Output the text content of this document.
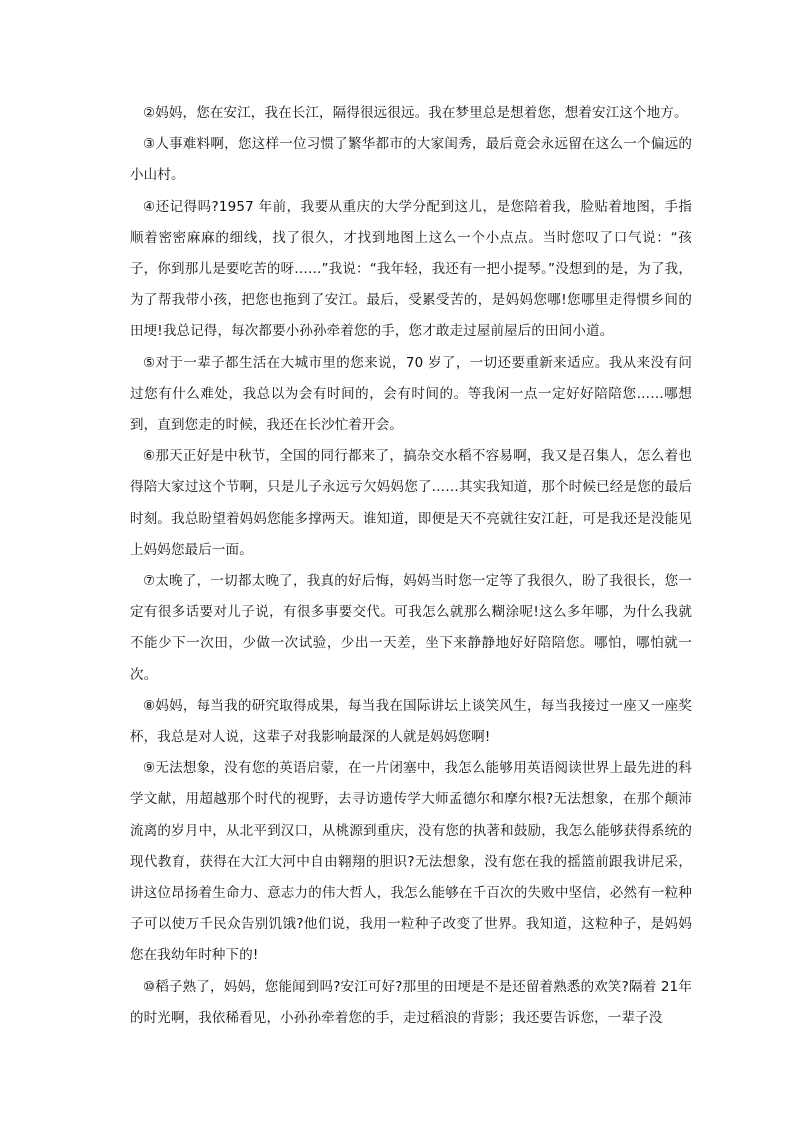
②妈妈，您在安江，我在长江，隔得很远很远。我在梦里总是想着您，想着安江这个地方。

③人事难料啊，您这样一位习惯了繁华都市的大家闺秀，最后竟会永远留在这么一个偏远的小山村。

④还记得吗?1957 年前，我要从重庆的大学分配到这儿，是您陪着我，脸贴着地图，手指顺着密密麻麻的细线，找了很久，才找到地图上这么一个小点点。当时您叹了口气说：“孩子，你到那儿是要吃苦的呀……”我说：“我年轻，我还有一把小提琴。”没想到的是，为了我，为了帮我带小孩，把您也拖到了安江。最后，受累受苦的，是妈妈您哪!您哪里走得惯乡间的田埂!我总记得，每次都要小孙孙牵着您的手，您才敢走过屋前屋后的田间小道。

⑤对于一辈子都生活在大城市里的您来说，70 岁了，一切还要重新来适应。我从来没有问过您有什么难处，我总以为会有时间的，会有时间的。等我闲一点一定好好陪陪您……哪想到，直到您走的时候，我还在长沙忙着开会。

⑥那天正好是中秋节，全国的同行都来了，搞杂交水稻不容易啊，我又是召集人，怎么着也得陪大家过这个节啊，只是儿子永远亏欠妈妈您了……其实我知道，那个时候已经是您的最后时刻。我总盼望着妈妈您能多撑两天。谁知道，即便是天不亮就往安江赶，可是我还是没能见上妈妈您最后一面。

⑦太晚了，一切都太晚了，我真的好后悔，妈妈当时您一定等了我很久，盼了我很长，您一定有很多话要对儿子说，有很多事要交代。可我怎么就那么糊涂呢!这么多年哪，为什么我就不能少下一次田，少做一次试验，少出一天差，坐下来静静地好好陪陪您。哪怕，哪怕就一次。

⑧妈妈，每当我的研究取得成果，每当我在国际讲坛上谈笑风生，每当我接过一座又一座奖杯，我总是对人说，这辈子对我影响最深的人就是妈妈您啊!

⑨无法想象，没有您的英语启蒙，在一片闭塞中，我怎么能够用英语阅读世界上最先进的科学文献，用超越那个时代的视野，去寻访遗传学大师孟德尔和摩尔根?无法想象，在那个颠沛流离的岁月中，从北平到汉口，从桃源到重庆，没有您的执著和鼓励，我怎么能够获得系统的现代教育，获得在大江大河中自由翱翔的胆识?无法想象，没有您在我的摇篮前跟我讲尼采，讲这位昂扬着生命力、意志力的伟大哲人，我怎么能够在千百次的失败中坚信，必然有一粒种子可以使万千民众告别饥饿?他们说，我用一粒种子改变了世界。我知道，这粒种子，是妈妈您在我幼年时种下的!

⑩稻子熟了，妈妈，您能闻到吗?安江可好?那里的田埂是不是还留着熟悉的欢笑?隔着 21年的时光啊，我依稀看见，小孙孙牵着您的手，走过稻浪的背影；我还要告诉您，一辈子没
